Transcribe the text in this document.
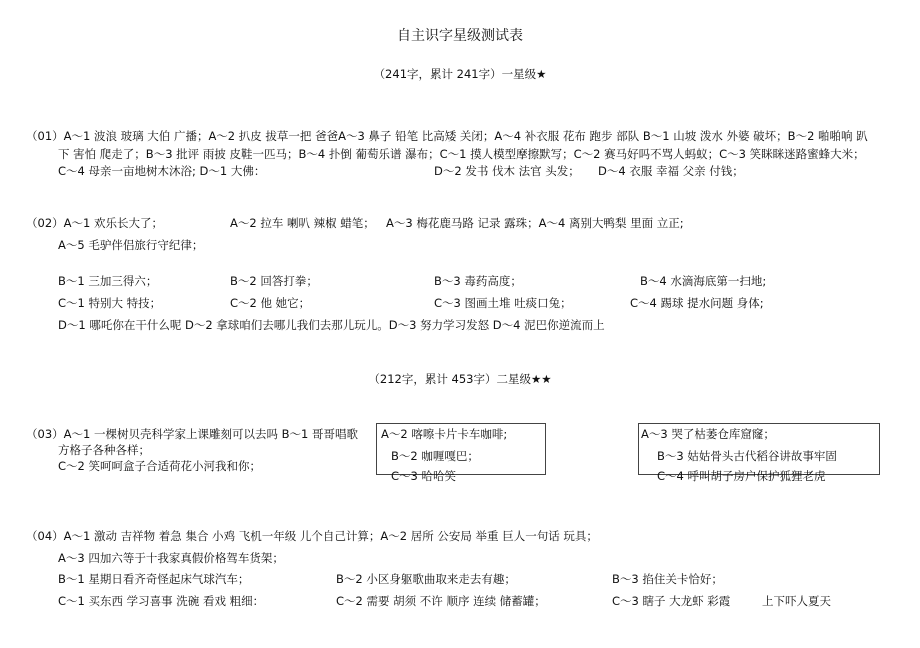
自主识字星级测试表
（241字，累计 241字）一星级★
（01）A〜1 波浪 玻璃 大伯 广播；A〜2 扒皮 拔草一把 爸爸A〜3 鼻子 铅笔 比高矮 关闭；A〜4 补衣服 花布 跑步 部队 B〜1 山坡 泼水 外婆 破坏；B〜2 啪啪响 趴
下 害怕 爬走了；B〜3 批评 雨披 皮鞋一匹马；B〜4 扑倒 葡萄乐谱 瀑布；C〜1 摸人模型摩擦默写；C〜2 赛马好吗不骂人蚂蚁；C〜3 笑眯眯迷路蜜蜂大米；
C〜4 母亲一亩地树木沐浴; D〜1 大佛：	D〜2 发书 伐木 法官 头发； D〜4 衣服 幸福 父亲 付钱；
（02）A〜1 欢乐长大了；	A〜2 拉车 喇叭 辣椒 蜡笔； A〜3 梅花鹿马路 记录 露珠；A〜4 离别大鸭梨 里面 立正;
A〜5 毛驴伴侣旅行守纪律；
B〜1 三加三得六；	B〜2 回答打拳；	B〜3 毒药高度；	B〜4 水滴海底第一扫地;
C〜1 特别大 特技；	C〜2 他 她它；	C〜3 图画土堆 吐痰口兔；	C〜4 踢球 提水问题 身体;
D〜1 哪吒你在干什么呢 D〜2 拿球咱们去哪儿我们去那儿玩儿。D〜3 努力学习发怒 D〜4 泥巴你逆流而上
（212字，累计 453字）二星级★★
（03）A〜1 一棵树贝壳科学家上课雕刻可以去吗 B〜1 哥哥唱歌
方格子各种各样；
C〜2 笑呵呵盒子合适荷花小河我和你；
A〜2 喀嚓卡片卡车咖啡;
B〜2 咖喱嘎巴；
C〜3 哈哈笑
A〜3 哭了枯萎仓库窟窿；
B〜3 姑姑骨头古代稻谷讲故事牢固
C〜4 呼叫胡子房户保护狐狸老虎
（04）A〜1 激动 吉祥物 着急 集合 小鸡 飞机一年级 儿个自己计算；A〜2 居所 公安局 举重 巨人一句话 玩具；
A〜3 四加六等于十我家真假价格驾车货架；
B〜1 星期日看齐奇怪起床气球汽车；	B〜2 小区身躯歌曲取来走去有趣；	B〜3 掐住关卡恰好；
C〜1 买东西 学习喜事 洗碗 看戏 粗细：	C〜2 需要 胡须 不许 顺序 连续 储蓄罐；	C〜3 瞎子 大龙虾 彩霞	上下吓人夏天
